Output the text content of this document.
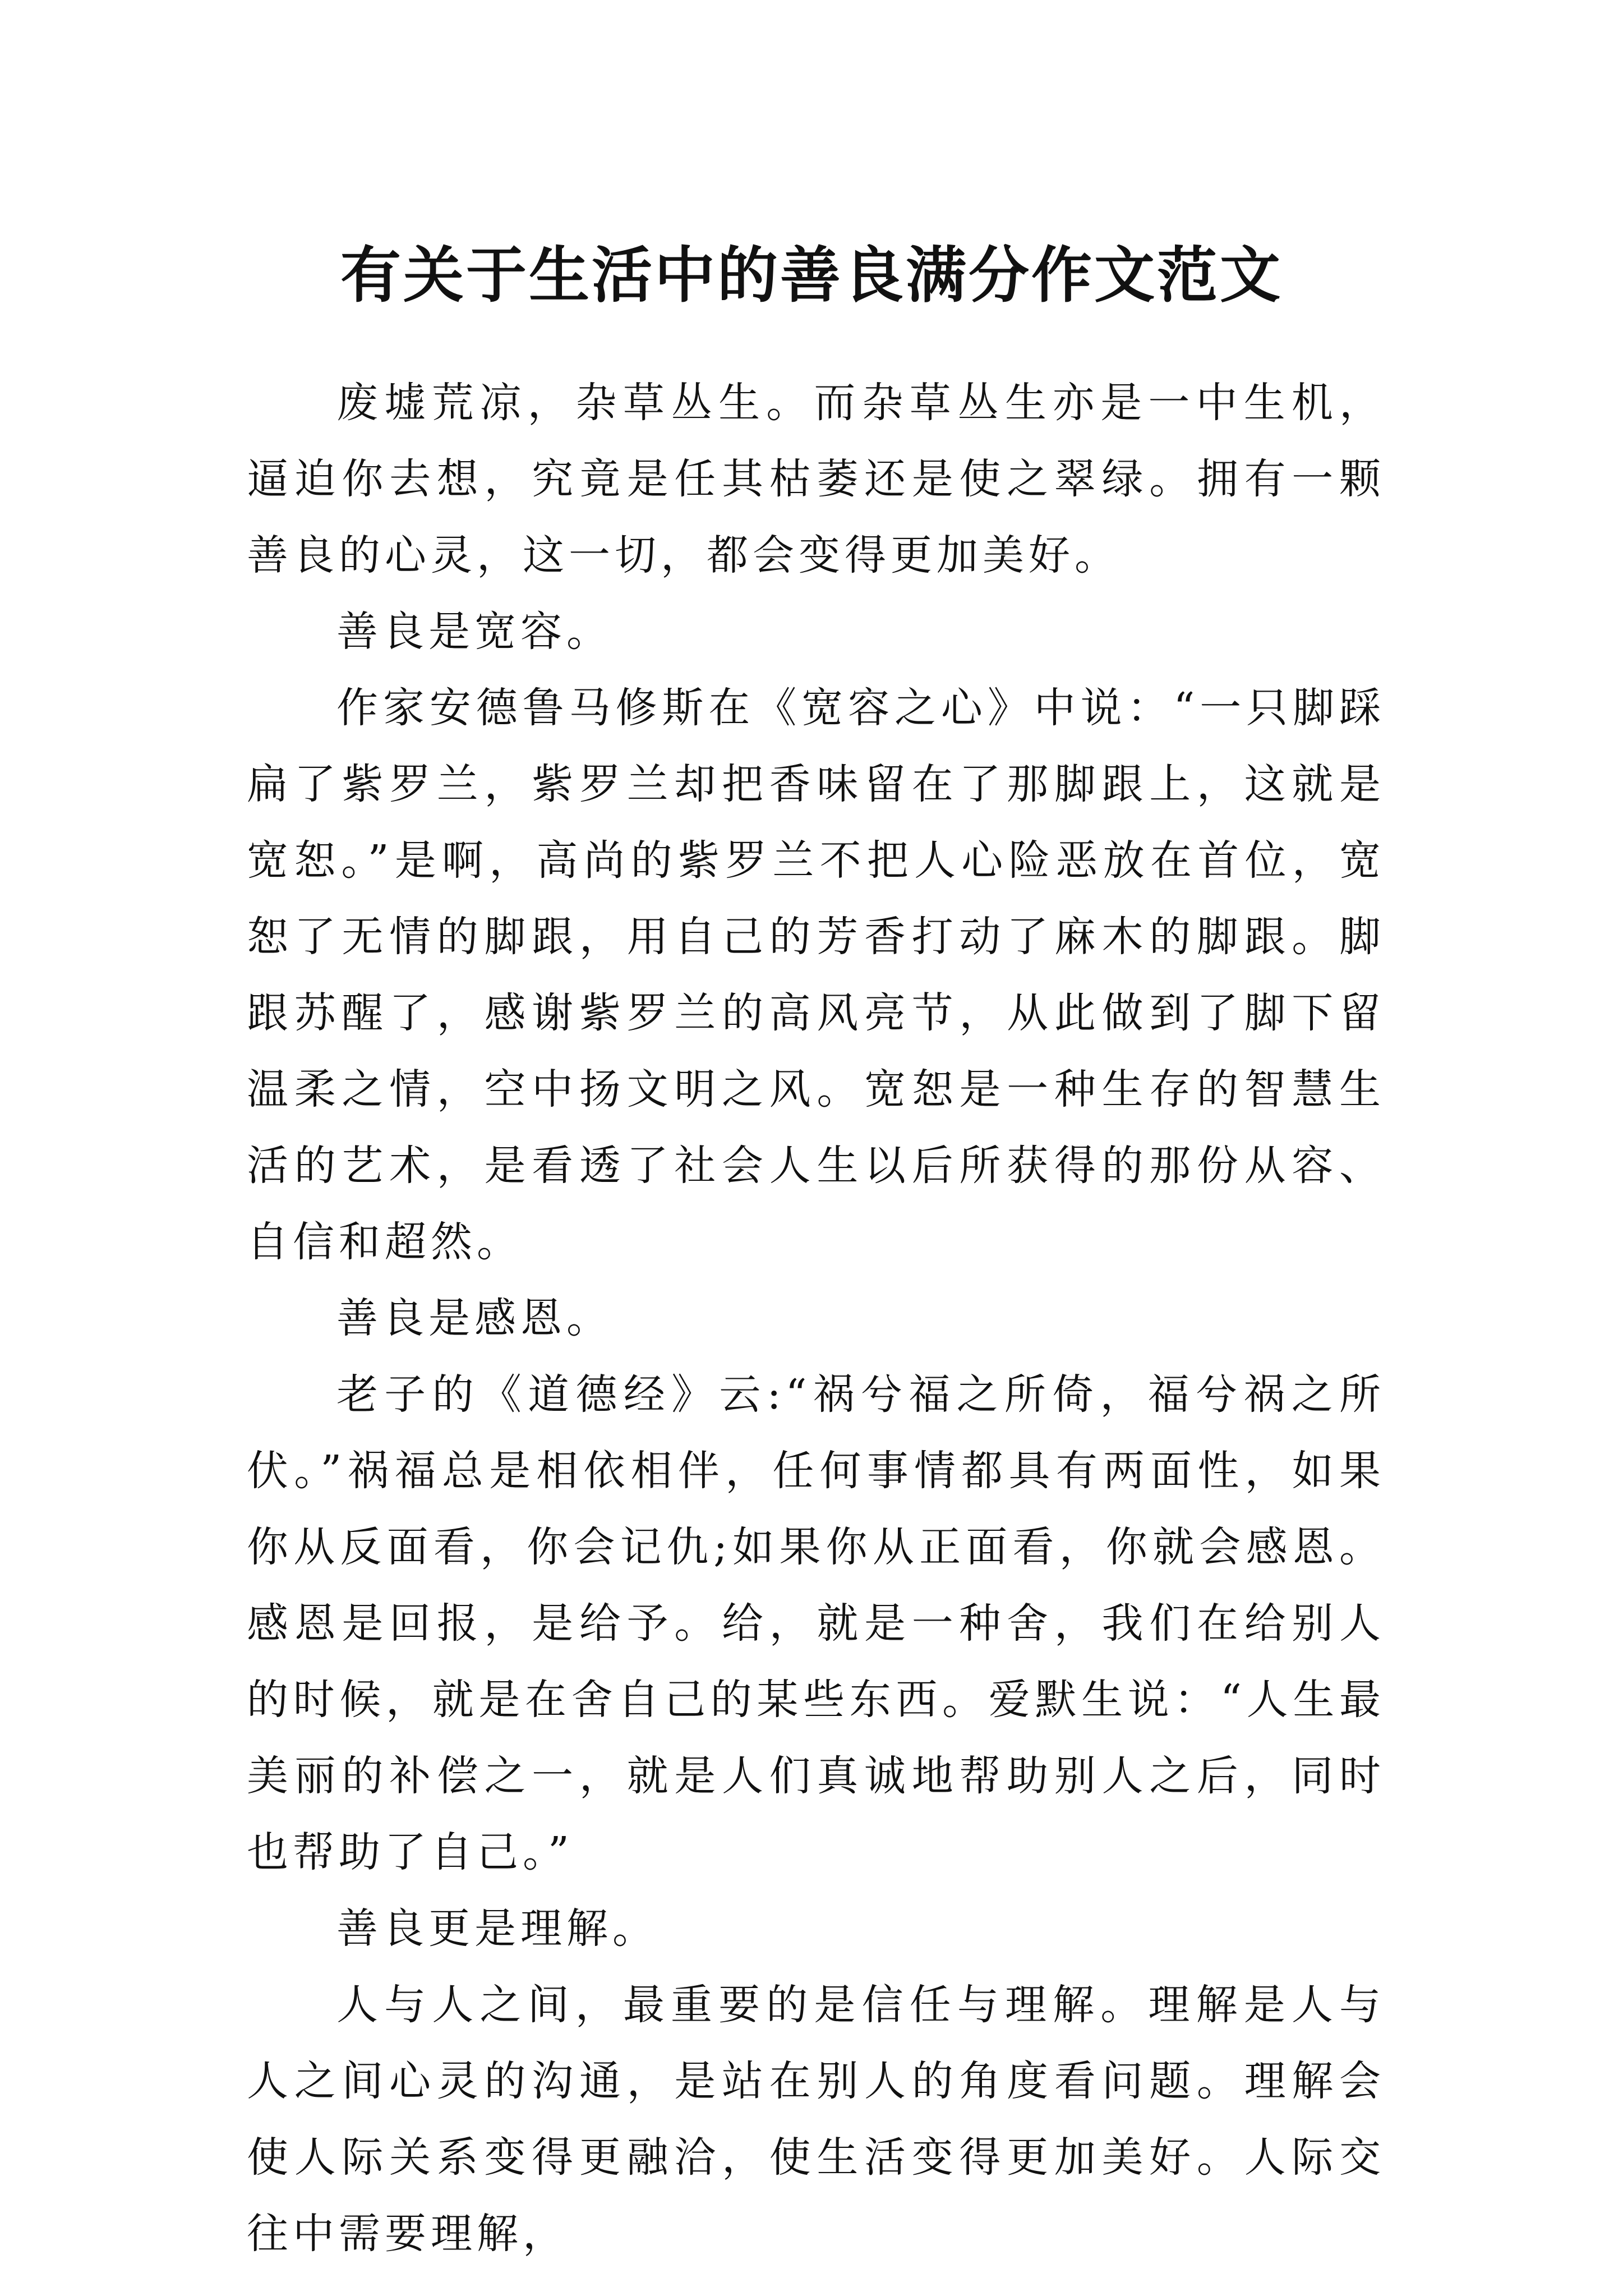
有关于生活中的善良满分作文范文

废墟荒凉，杂草丛生。而杂草丛生亦是一中生机，逼迫你去想，究竟是任其枯萎还是使之翠绿。拥有一颗善良的心灵，这一切，都会变得更加美好。

善良是宽容。

作家安德鲁马修斯在《宽容之心》中说：“一只脚踩扁了紫罗兰，紫罗兰却把香味留在了那脚跟上，这就是宽恕。”是啊，高尚的紫罗兰不把人心险恶放在首位，宽恕了无情的脚跟，用自己的芳香打动了麻木的脚跟。脚跟苏醒了，感谢紫罗兰的高风亮节，从此做到了脚下留温柔之情，空中扬文明之风。宽恕是一种生存的智慧生活的艺术，是看透了社会人生以后所获得的那份从容、自信和超然。

善良是感恩。

老子的《道德经》云:“祸兮福之所倚，福兮祸之所伏。”祸福总是相依相伴，任何事情都具有两面性，如果你从反面看，你会记仇;如果你从正面看，你就会感恩。感恩是回报，是给予。给，就是一种舍，我们在给别人的时候，就是在舍自己的某些东西。爱默生说：“人生最美丽的补偿之一，就是人们真诚地帮助别人之后，同时也帮助了自己。”

善良更是理解。

人与人之间，最重要的是信任与理解。理解是人与人之间心灵的沟通，是站在别人的角度看问题。理解会使人际关系变得更融洽，使生活变得更加美好。人际交往中需要理解，
